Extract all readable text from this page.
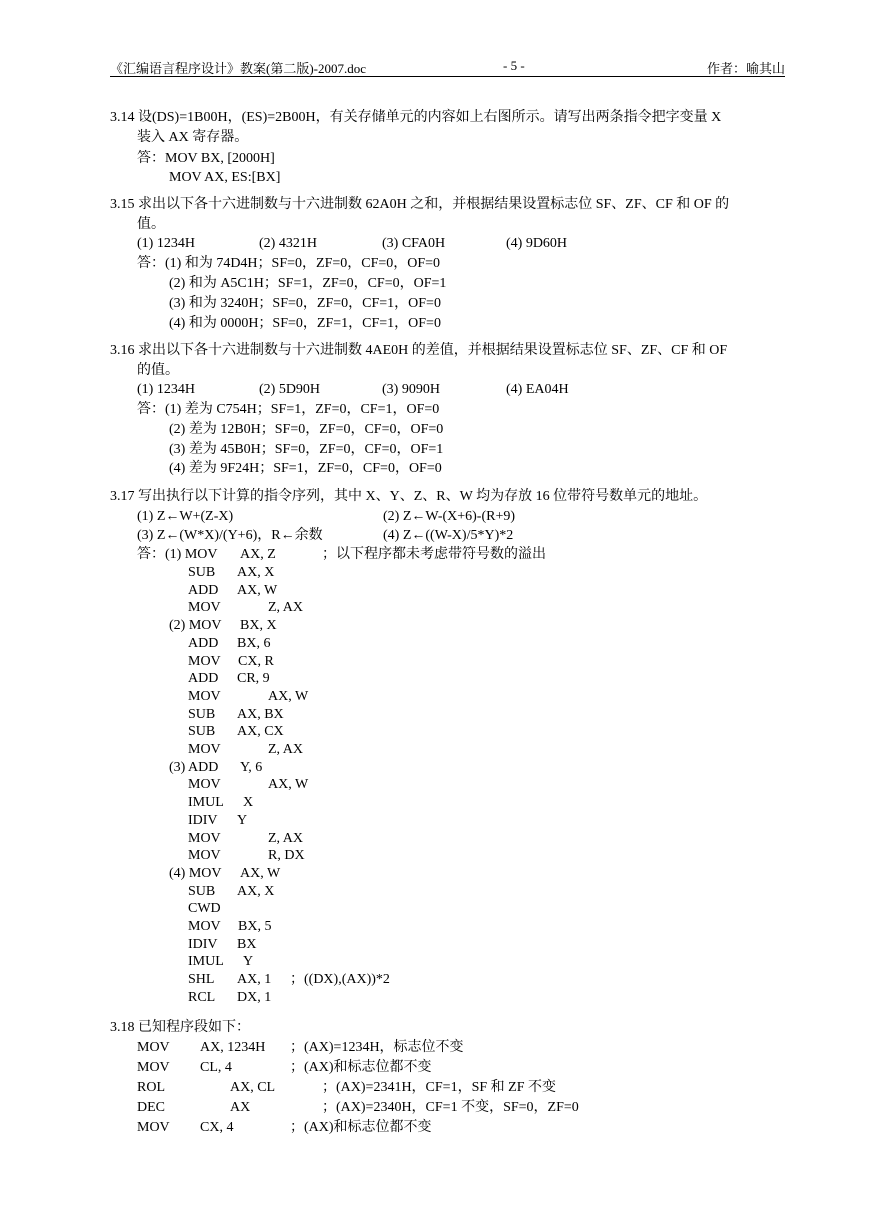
《汇编语言程序设计》教案(第二版)-2007.doc	- 5 -	作者：喻其山
3.14 设(DS)=1B00H，(ES)=2B00H，有关存储单元的内容如上右图所示。请写出两条指令把字变量 X
装入 AX 寄存器。
答：MOV BX, [2000H]
MOV AX, ES:[BX]
3.15 求出以下各十六进制数与十六进制数 62A0H 之和，并根据结果设置标志位 SF、ZF、CF 和 OF 的
值。
(1) 1234H	(2) 4321H	(3) CFA0H	(4) 9D60H
答：(1) 和为 74D4H；SF=0，ZF=0，CF=0，OF=0
(2) 和为 A5C1H；SF=1，ZF=0，CF=0，OF=1
(3) 和为 3240H；SF=0，ZF=0，CF=1，OF=0
(4) 和为 0000H；SF=0，ZF=1，CF=1，OF=0
3.16 求出以下各十六进制数与十六进制数 4AE0H 的差值，并根据结果设置标志位 SF、ZF、CF 和 OF
的值。
(1) 1234H	(2) 5D90H	(3) 9090H	(4) EA04H
答：(1) 差为 C754H；SF=1，ZF=0，CF=1，OF=0
(2) 差为 12B0H；SF=0，ZF=0，CF=0，OF=0
(3) 差为 45B0H；SF=0，ZF=0，CF=0，OF=1
(4) 差为 9F24H；SF=1，ZF=0，CF=0，OF=0
3.17 写出执行以下计算的指令序列，其中 X、Y、Z、R、W 均为存放 16 位带符号数单元的地址。
(1) Z←W+(Z-X)	(2) Z←W-(X+6)-(R+9)
(3) Z←(W*X)/(Y+6)，R←余数	(4) Z←((W-X)/5*Y)*2
答：(1) MOV AX, Z	；以下程序都未考虑带符号数的溢出
SUB AX, X
ADD AX, W
MOV	Z, AX
(2) MOV BX, X
ADD BX, 6
MOV CX, R
ADD CR, 9
MOV	AX, W
SUB AX, BX
SUB AX, CX
MOV	Z, AX
(3) ADD Y, 6
MOV	AX, W
IMUL X
IDIV Y
MOV	Z, AX
MOV	R, DX
(4) MOV AX, W
SUB AX, X
CWD
MOV BX, 5
IDIV BX
IMUL Y
SHL AX, 1 ；((DX),(AX))*2
RCL DX, 1
3.18 已知程序段如下：
MOV AX, 1234H ；(AX)=1234H，标志位不变
MOV CL, 4	；(AX)和标志位都不变
ROL	AX, CL	；(AX)=2341H，CF=1，SF 和 ZF 不变
DEC	AX	；(AX)=2340H，CF=1 不变，SF=0，ZF=0
MOV CX, 4	；(AX)和标志位都不变
